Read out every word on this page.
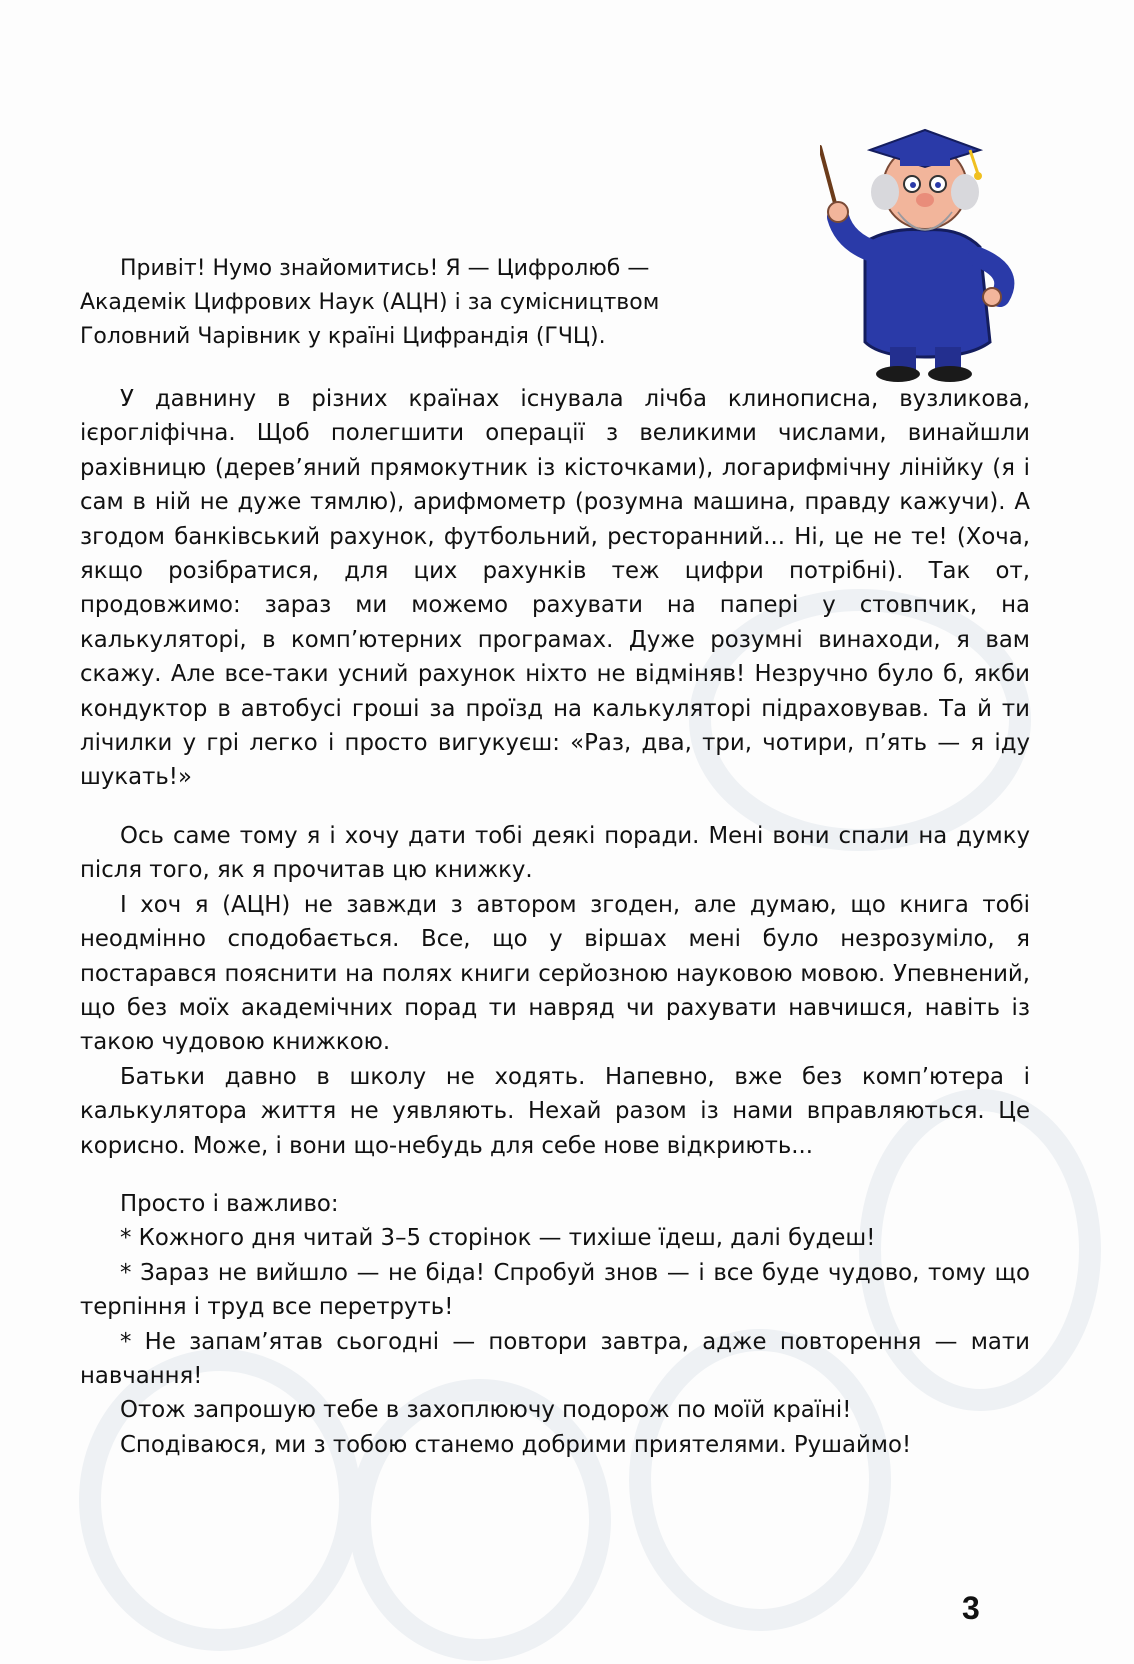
Привіт! Нумо знайомитись! Я — Цифролюб —

Академік Цифрових Наук (АЦН) і за сумісництвом

Головний Чарівник у країні Цифрандія (ГЧЦ).

У давнину в різних країнах існувала лічба клинописна, вузликова, ієрогліфічна. Щоб полегшити операції з великими числами, винайшли рахівницю (дерев’яний прямокутник із кісточками), логарифмічну лінійку (я і сам в ній не дуже тямлю), арифмометр (розумна машина, правду кажучи). А згодом банківський рахунок, футбольний, ресторанний... Ні, це не те! (Хоча, якщо розібратися, для цих рахунків теж цифри потрібні). Так от, продовжимо: зараз ми можемо рахувати на папері у стовпчик, на калькуляторі, в комп’ютерних програмах. Дуже розумні винаходи, я вам скажу. Але все-таки усний рахунок ніхто не відміняв! Незручно було б, якби кондуктор в автобусі гроші за проїзд на калькуляторі підраховував. Та й ти лічилки у грі легко і просто вигукуєш: «Раз, два, три, чотири, п’ять — я іду шукать!»

Ось саме тому я і хочу дати тобі деякі поради. Мені вони спали на думку після того, як я прочитав цю книжку.

І хоч я (АЦН) не завжди з автором згоден, але думаю, що книга тобі неодмінно сподобається. Все, що у віршах мені було незрозуміло, я постарався пояснити на полях книги серйозною науковою мовою. Упевнений, що без моїх академічних порад ти навряд чи рахувати навчишся, навіть із такою чудовою книжкою.

Батьки давно в школу не ходять. Напевно, вже без комп’ютера і калькулятора життя не уявляють. Нехай разом із нами вправляються. Це корисно. Може, і вони що-небудь для себе нове відкриють...

Просто і важливо:

* Кожного дня читай 3–5 сторінок — тихіше їдеш, далі будеш!

* Зараз не вийшло — не біда! Спробуй знов — і все буде чудово, тому що терпіння і труд все перетруть!

* Не запам’ятав сьогодні — повтори завтра, адже повторення — мати навчання!

Отож запрошую тебе в захоплюючу подорож по моїй країні!

Сподіваюся, ми з тобою станемо добрими приятелями. Рушаймо!

3
